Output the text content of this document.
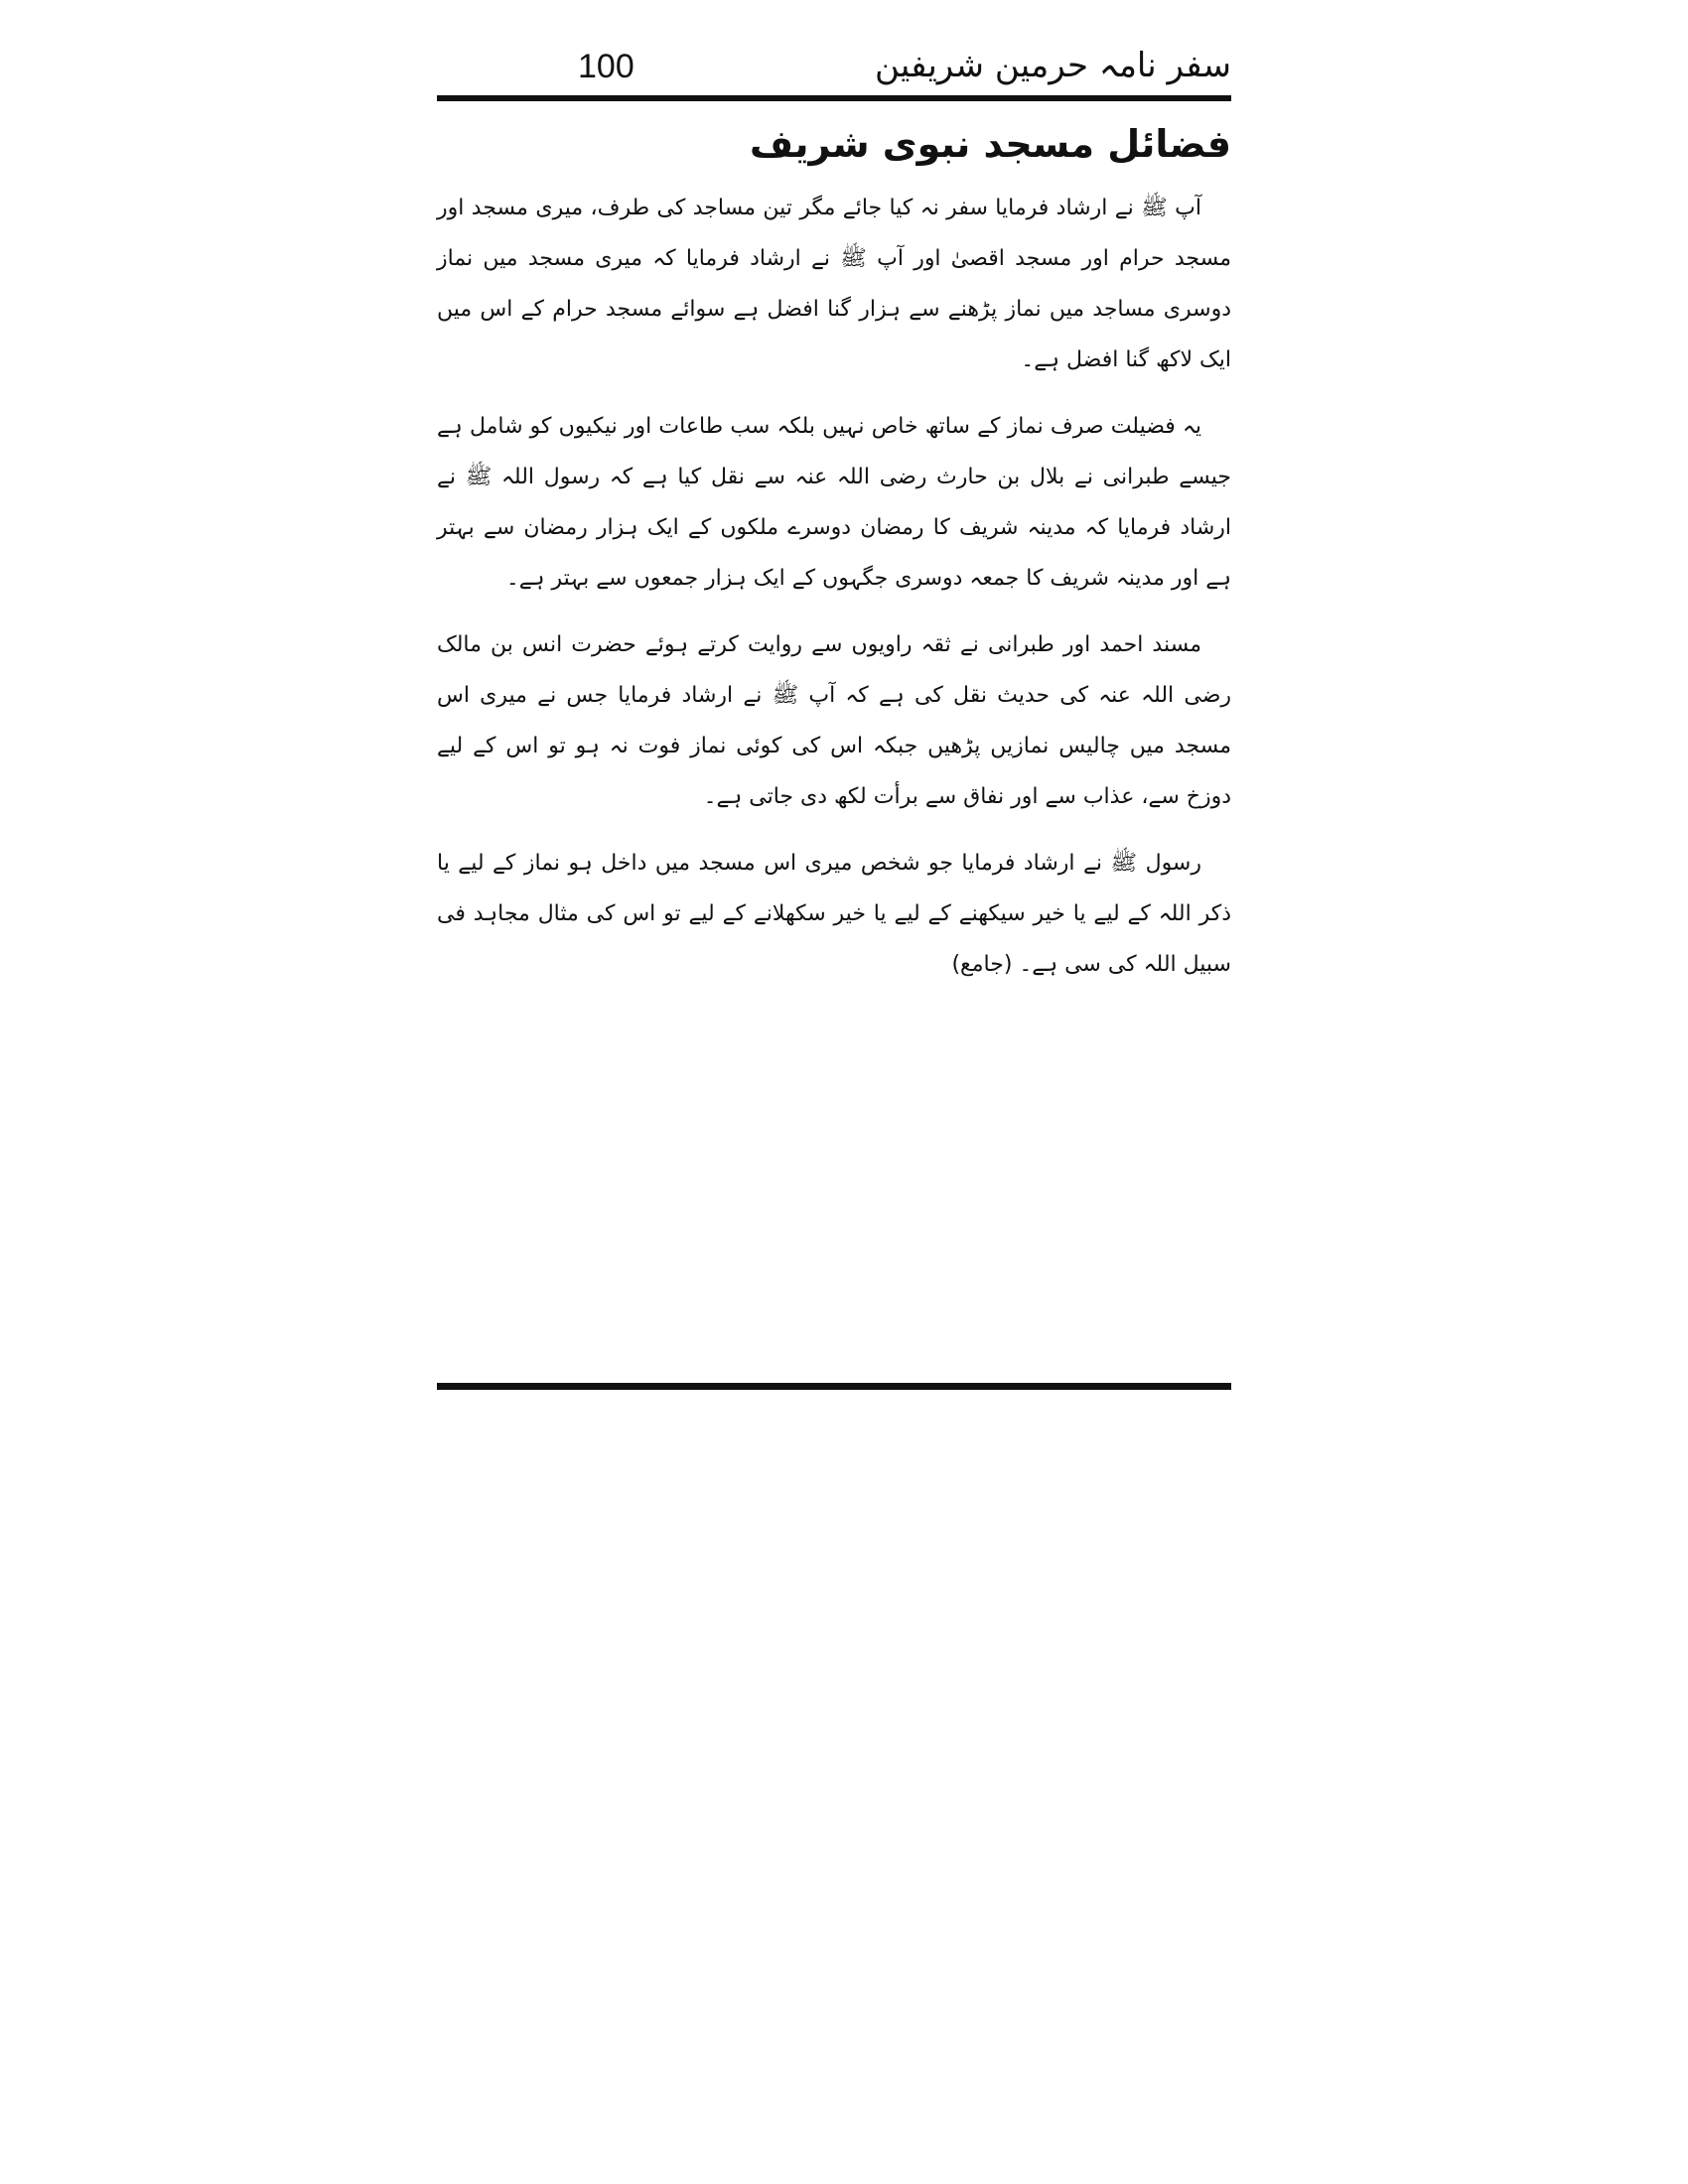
100	سفر نامہ حرمین شریفین
فضائل مسجد نبوی شریف

آپ ﷺ نے ارشاد فرمایا سفر نہ کیا جائے مگر تین مساجد کی طرف، میری مسجد اور مسجد حرام اور مسجد اقصیٰ اور آپ ﷺ نے ارشاد فرمایا کہ میری مسجد میں نماز دوسری مساجد میں نماز پڑھنے سے ہزار گنا افضل ہے سوائے مسجد حرام کے اس میں ایک لاکھ گنا افضل ہے۔

یہ فضیلت صرف نماز کے ساتھ خاص نہیں بلکہ سب طاعات اور نیکیوں کو شامل ہے جیسے طبرانی نے بلال بن حارث رضی اللہ عنہ سے نقل کیا ہے کہ رسول اللہ ﷺ نے ارشاد فرمایا کہ مدینہ شریف کا رمضان دوسرے ملکوں کے ایک ہزار رمضان سے بہتر ہے اور مدینہ شریف کا جمعہ دوسری جگہوں کے ایک ہزار جمعوں سے بہتر ہے۔

مسند احمد اور طبرانی نے ثقہ راویوں سے روایت کرتے ہوئے حضرت انس بن مالک رضی اللہ عنہ کی حدیث نقل کی ہے کہ آپ ﷺ نے ارشاد فرمایا جس نے میری اس مسجد میں چالیس نمازیں پڑھیں جبکہ اس کی کوئی نماز فوت نہ ہو تو اس کے لیے دوزخ سے، عذاب سے اور نفاق سے برأت لکھ دی جاتی ہے۔

رسول ﷺ نے ارشاد فرمایا جو شخص میری اس مسجد میں داخل ہو نماز کے لیے یا ذکر اللہ کے لیے یا خیر سیکھنے کے لیے یا خیر سکھلانے کے لیے تو اس کی مثال مجاہد فی سبیل اللہ کی سی ہے۔ (جامع)
